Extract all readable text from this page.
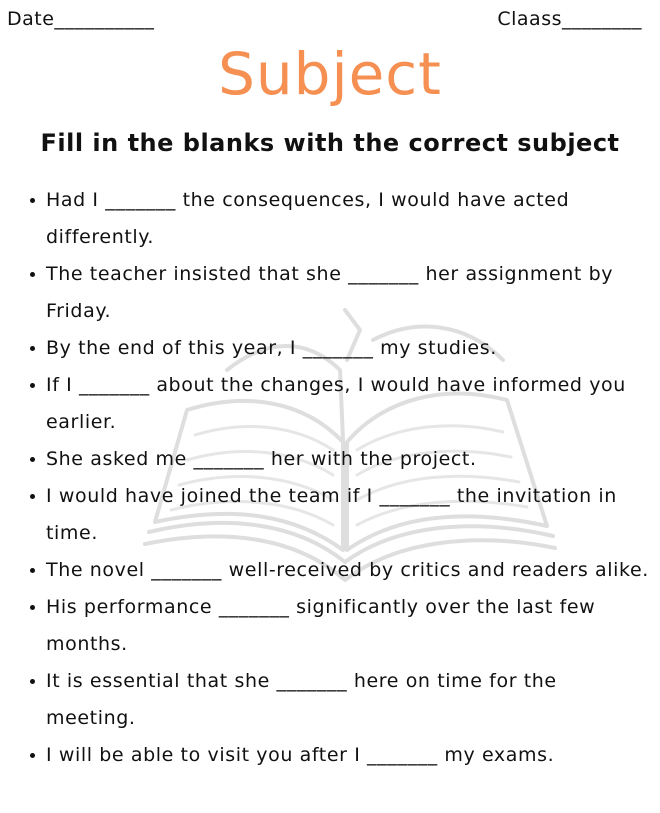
Date__________	Claass________
Subject
Fill in the blanks with the correct subject
Had I _______ the consequences, I would have acted differently.
The teacher insisted that she _______ her assignment by Friday.
By the end of this year, I _______ my studies.
If I _______ about the changes, I would have informed you earlier.
She asked me _______ her with the project.
I would have joined the team if I _______ the invitation in time.
The novel _______ well-received by critics and readers alike.
His performance _______ significantly over the last few months.
It is essential that she _______ here on time for the meeting.
I will be able to visit you after I _______ my exams.
